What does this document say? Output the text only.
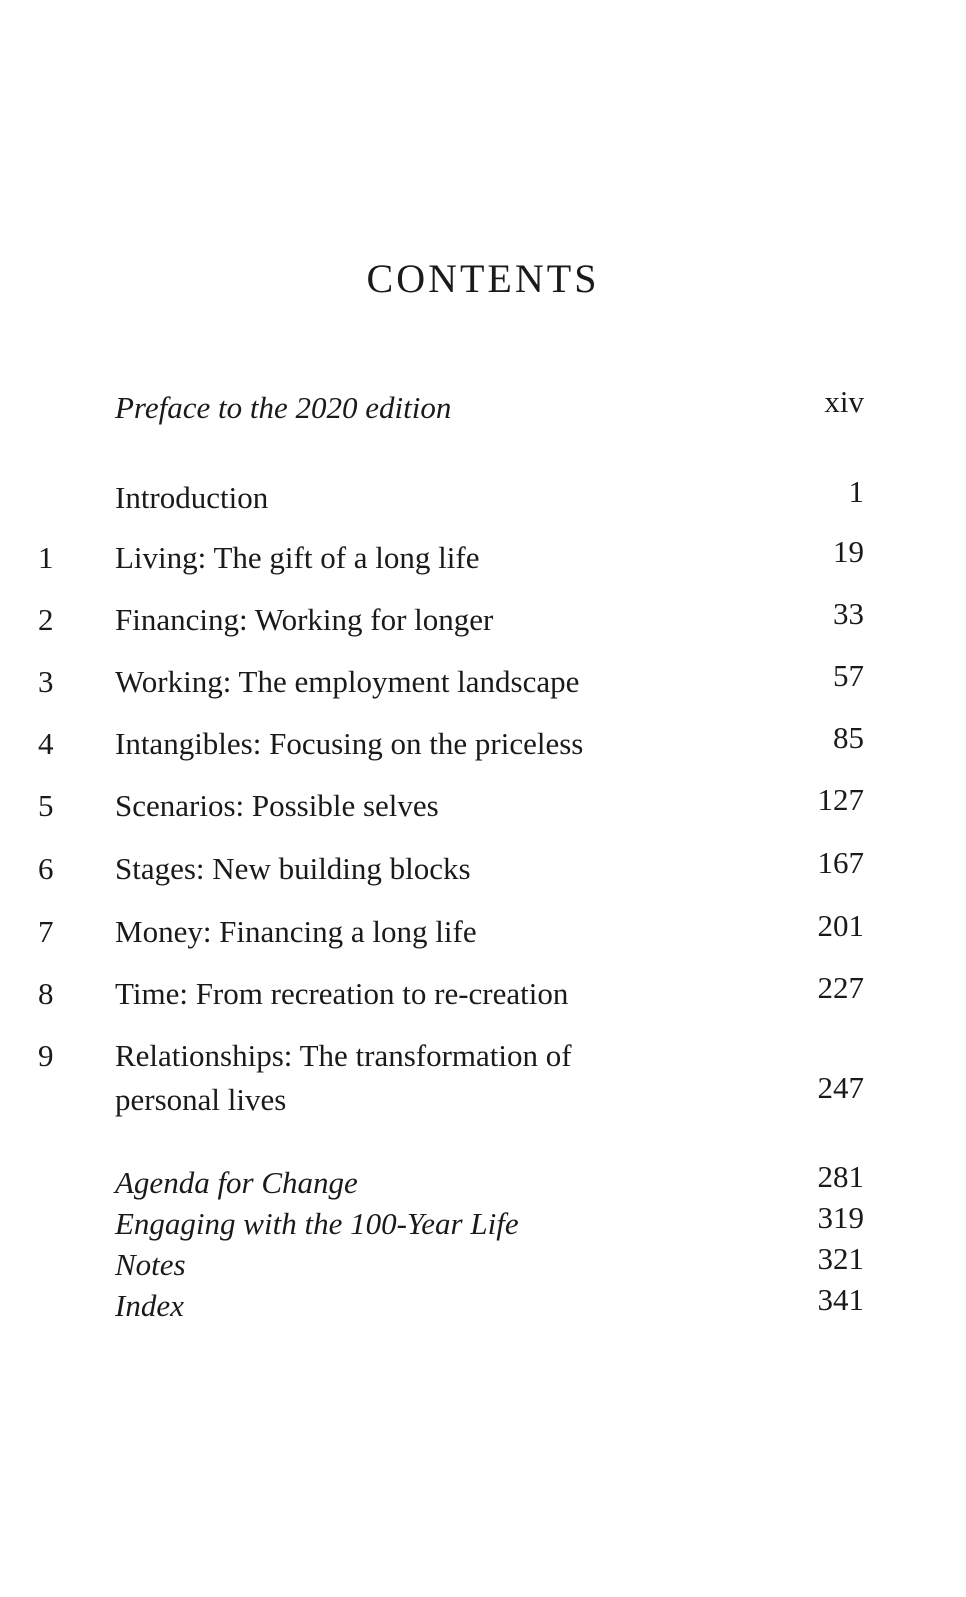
CONTENTS
Preface to the 2020 edition	xiv
Introduction	1
1	Living: The gift of a long life	19
2	Financing: Working for longer	33
3	Working: The employment landscape	57
4	Intangibles: Focusing on the priceless	85
5	Scenarios: Possible selves	127
6	Stages: New building blocks	167
7	Money: Financing a long life	201
8	Time: From recreation to re-creation	227
9	Relationships: The transformation of
personal lives	247
Agenda for Change	281
Engaging with the 100-Year Life	319
Notes	321
Index	341
